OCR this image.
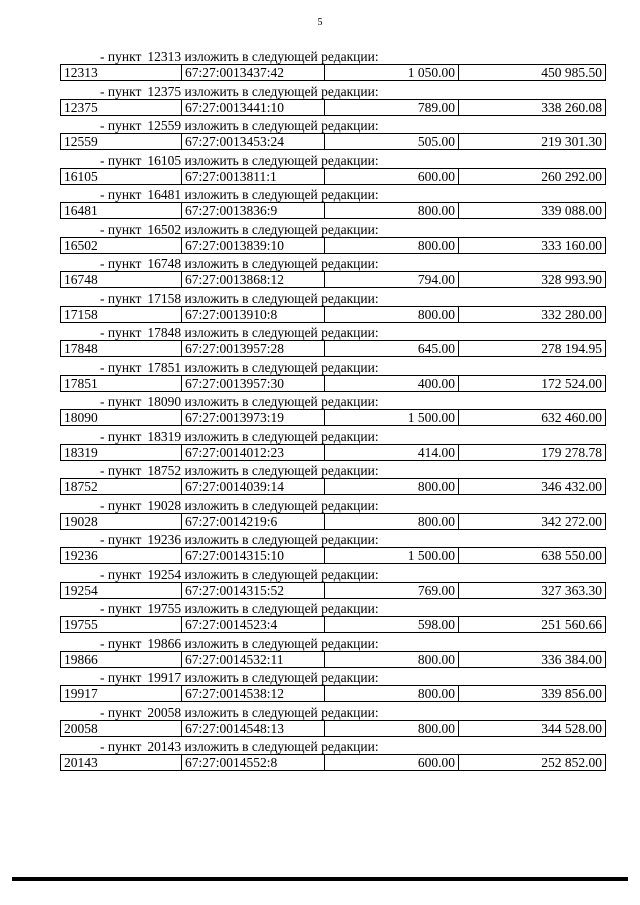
5
- пункт 12313 изложить в следующей редакции:
12313	67:27:0013437:42	1 050.00	450 985.50
- пункт 12375 изложить в следующей редакции:
12375	67:27:0013441:10	789.00	338 260.08
- пункт 12559 изложить в следующей редакции:
12559	67:27:0013453:24	505.00	219 301.30
- пункт 16105 изложить в следующей редакции:
16105	67:27:0013811:1	600.00	260 292.00
- пункт 16481 изложить в следующей редакции:
16481	67:27:0013836:9	800.00	339 088.00
- пункт 16502 изложить в следующей редакции:
16502	67:27:0013839:10	800.00	333 160.00
- пункт 16748 изложить в следующей редакции:
16748	67:27:0013868:12	794.00	328 993.90
- пункт 17158 изложить в следующей редакции:
17158	67:27:0013910:8	800.00	332 280.00
- пункт 17848 изложить в следующей редакции:
17848	67:27:0013957:28	645.00	278 194.95
- пункт 17851 изложить в следующей редакции:
17851	67:27:0013957:30	400.00	172 524.00
- пункт 18090 изложить в следующей редакции:
18090	67:27:0013973:19	1 500.00	632 460.00
- пункт 18319 изложить в следующей редакции:
18319	67:27:0014012:23	414.00	179 278.78
- пункт 18752 изложить в следующей редакции:
18752	67:27:0014039:14	800.00	346 432.00
- пункт 19028 изложить в следующей редакции:
19028	67:27:0014219:6	800.00	342 272.00
- пункт 19236 изложить в следующей редакции:
19236	67:27:0014315:10	1 500.00	638 550.00
- пункт 19254 изложить в следующей редакции:
19254	67:27:0014315:52	769.00	327 363.30
- пункт 19755 изложить в следующей редакции:
19755	67:27:0014523:4	598.00	251 560.66
- пункт 19866 изложить в следующей редакции:
19866	67:27:0014532:11	800.00	336 384.00
- пункт 19917 изложить в следующей редакции:
19917	67:27:0014538:12	800.00	339 856.00
- пункт 20058 изложить в следующей редакции:
20058	67:27:0014548:13	800.00	344 528.00
- пункт 20143 изложить в следующей редакции:
20143	67:27:0014552:8	600.00	252 852.00
